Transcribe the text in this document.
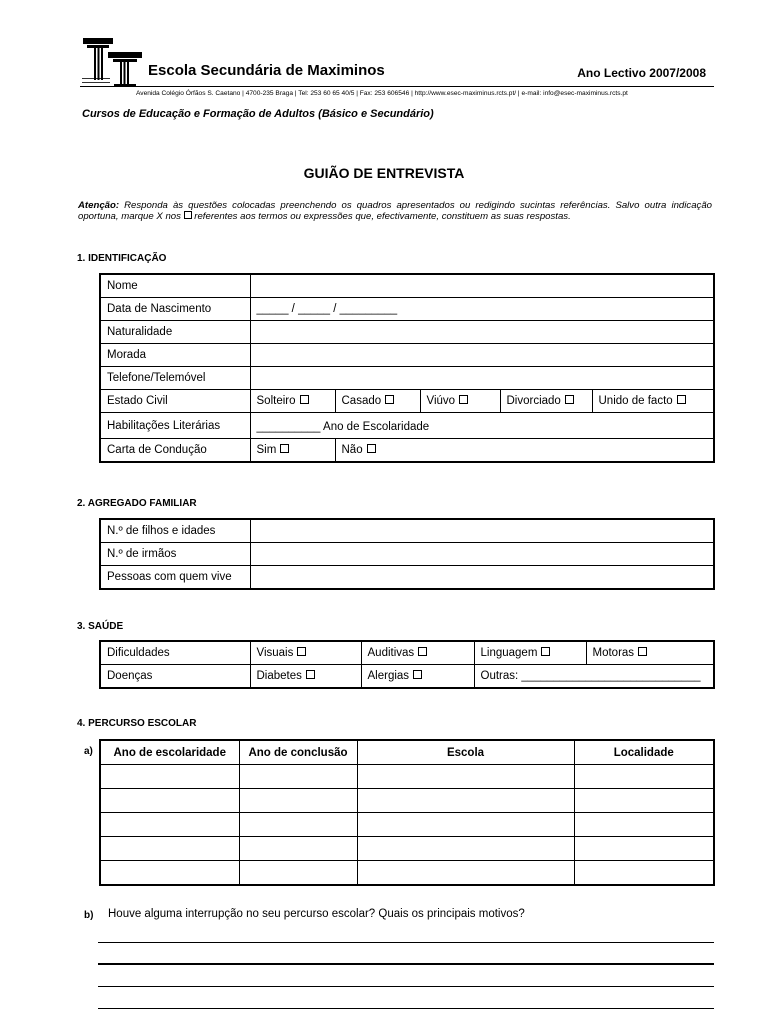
Escola Secundária de Maximinos	Ano Lectivo 2007/2008
Avenida Colégio Órfãos S. Caetano | 4700-235 Braga | Tel: 253 60 65 40/5 | Fax: 253 606546 | http://www.esec-maximinus.rcts.pt/ | e-mail: info@esec-maximinus.rcts.pt
Cursos de Educação e Formação de Adultos (Básico e Secundário)
GUIÃO DE ENTREVISTA
Atenção: Responda às questões colocadas preenchendo os quadros apresentados ou redigindo sucintas referências. Salvo outra indicação oportuna, marque X nos referentes aos termos ou expressões que, efectivamente, constituem as suas respostas.
1. IDENTIFICAÇÃO
Nome					
Data de Nascimento	_____ / _____ / _________				
Naturalidade					
Morada					
Telefone/Telemóvel					
Estado Civil	Solteiro	Casado	Viúvo	Divorciado	Unido de facto
Habilitações Literárias	__________ Ano de Escolaridade				
Carta de Condução	Sim	Não			
2. AGREGADO FAMILIAR
N.º de filhos e idades	
N.º de irmãos	
Pessoas com quem vive	
3. SAÚDE
Dificuldades	Visuais	Auditivas	Linguagem	Motoras
Doenças	Diabetes	Alergias	Outras: ____________________________	
4. PERCURSO ESCOLAR
a) Ano de escolaridade	Ano de conclusão	Escola	Localidade

b) Houve alguma interrupção no seu percurso escolar? Quais os principais motivos?
